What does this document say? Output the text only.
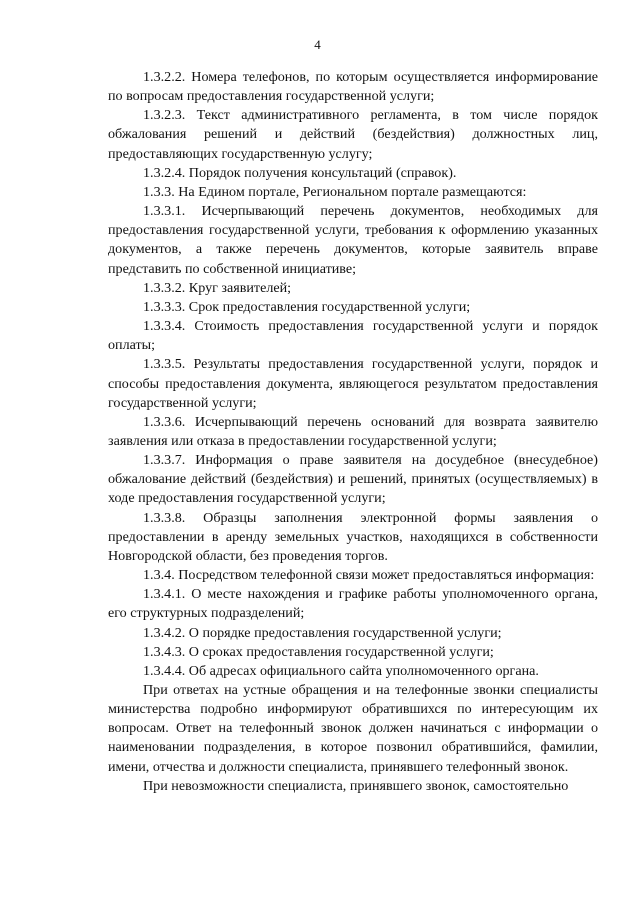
4

1.3.2.2. Номера телефонов, по которым осуществляется информирование по вопросам предоставления государственной услуги;

1.3.2.3. Текст административного регламента, в том числе порядок обжалования решений и действий (бездействия) должностных лиц, предоставляющих государственную услугу;

1.3.2.4. Порядок получения консультаций (справок).

1.3.3. На Едином портале, Региональном портале размещаются:

1.3.3.1. Исчерпывающий перечень документов, необходимых для предоставления государственной услуги, требования к оформлению указанных документов, а также перечень документов, которые заявитель вправе представить по собственной инициативе;

1.3.3.2. Круг заявителей;

1.3.3.3. Срок предоставления государственной услуги;

1.3.3.4. Стоимость предоставления государственной услуги и порядок оплаты;

1.3.3.5. Результаты предоставления государственной услуги, порядок и способы предоставления документа, являющегося результатом предоставления государственной услуги;

1.3.3.6. Исчерпывающий перечень оснований для возврата заявителю заявления или отказа в предоставлении государственной услуги;

1.3.3.7. Информация о праве заявителя на досудебное (внесудебное) обжалование действий (бездействия) и решений, принятых (осуществляемых) в ходе предоставления государственной услуги;

1.3.3.8. Образцы заполнения электронной формы заявления о предоставлении в аренду земельных участков, находящихся в собственности Новгородской области, без проведения торгов.

1.3.4. Посредством телефонной связи может предоставляться информация:

1.3.4.1. О месте нахождения и графике работы уполномоченного органа, его структурных подразделений;

1.3.4.2. О порядке предоставления государственной услуги;

1.3.4.3. О сроках предоставления государственной услуги;

1.3.4.4. Об адресах официального сайта уполномоченного органа.

При ответах на устные обращения и на телефонные звонки специалисты министерства подробно информируют обратившихся по интересующим их вопросам. Ответ на телефонный звонок должен начинаться с информации о наименовании подразделения, в которое позвонил обратившийся, фамилии, имени, отчества и должности специалиста, принявшего телефонный звонок.

При невозможности специалиста, принявшего звонок, самостоятельно
